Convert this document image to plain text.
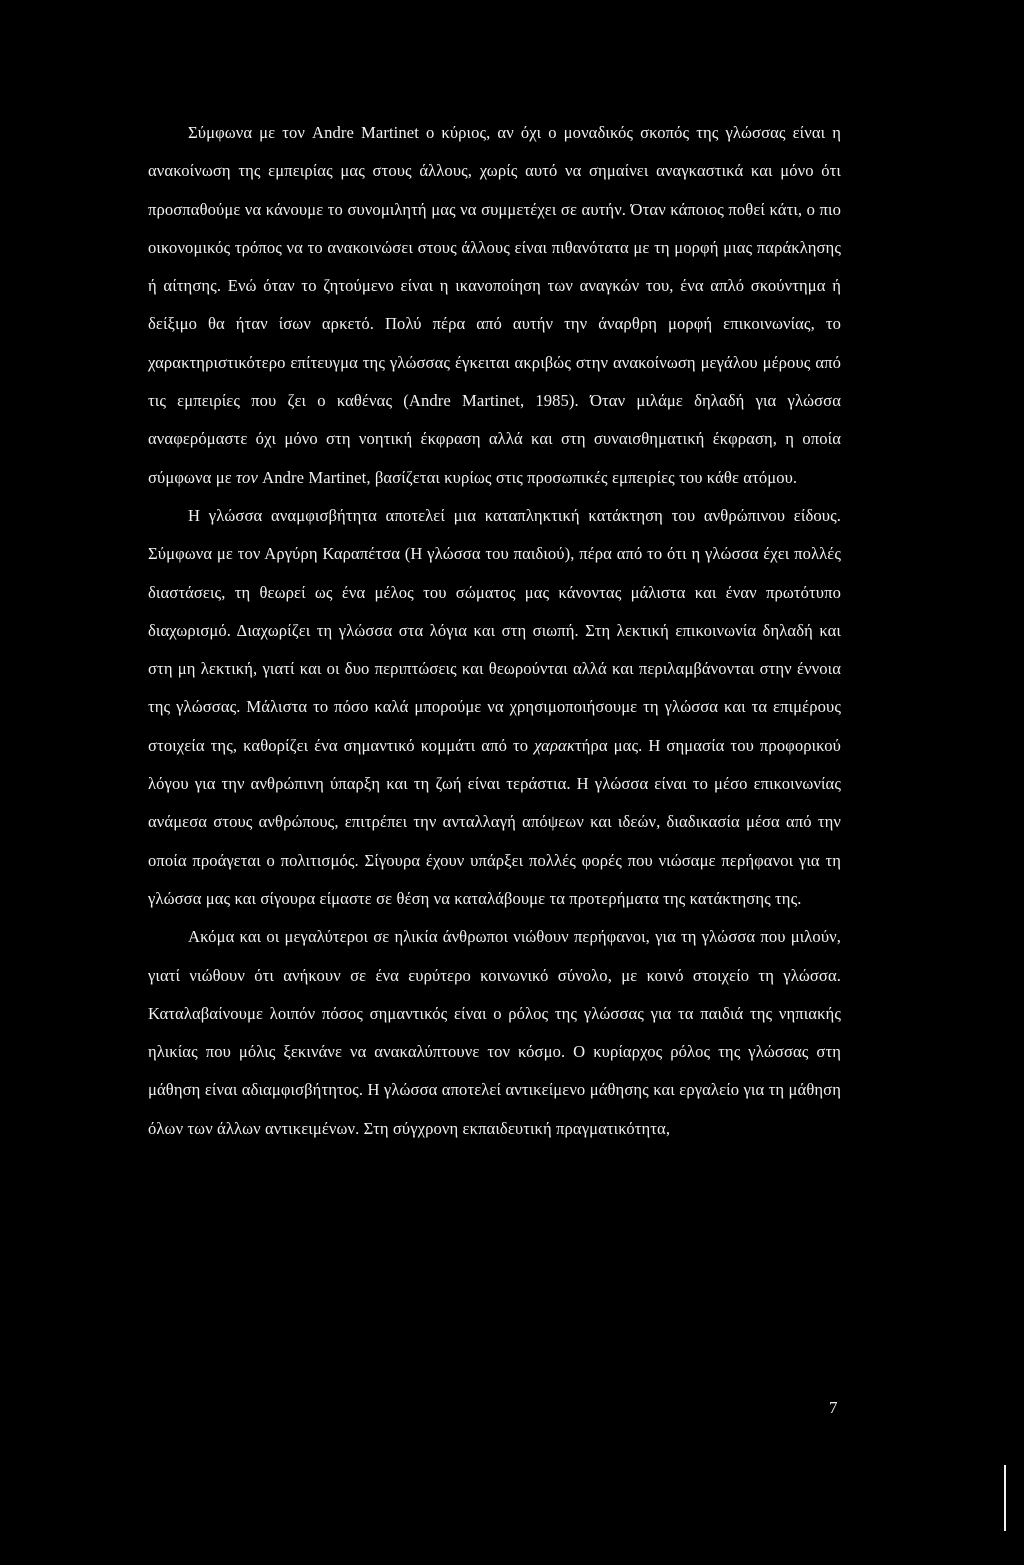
Σύμφωνα με τον Andre Martinet ο κύριος, αν όχι ο μοναδικός σκοπός της γλώσσας είναι η ανακοίνωση της εμπειρίας μας στους άλλους, χωρίς αυτό να σημαίνει αναγκαστικά και μόνο ότι προσπαθούμε να κάνουμε το συνομιλητή μας να συμμετέχει σε αυτήν. Όταν κάποιος ποθεί κάτι, ο πιο οικονομικός τρόπος να το ανακοινώσει στους άλλους είναι πιθανότατα με τη μορφή μιας παράκλησης ή αίτησης. Ενώ όταν το ζητούμενο είναι η ικανοποίηση των αναγκών του, ένα απλό σκούντημα ή δείξιμο θα ήταν ίσων αρκετό. Πολύ πέρα από αυτήν την άναρθρη μορφή επικοινωνίας, το χαρακτηριστικότερο επίτευγμα της γλώσσας έγκειται ακριβώς στην ανακοίνωση μεγάλου μέρους από τις εμπειρίες που ζει ο καθένας (Andre Martinet, 1985). Όταν μιλάμε δηλαδή για γλώσσα αναφερόμαστε όχι μόνο στη νοητική έκφραση αλλά και στη συναισθηματική έκφραση, η οποία σύμφωνα με τον Andre Martinet, βασίζεται κυρίως στις προσωπικές εμπειρίες του κάθε ατόμου.

Η γλώσσα αναμφισβήτητα αποτελεί μια καταπληκτική κατάκτηση του ανθρώπινου είδους. Σύμφωνα με τον Αργύρη Καραπέτσα (Η γλώσσα του παιδιού), πέρα από το ότι η γλώσσα έχει πολλές διαστάσεις, τη θεωρεί ως ένα μέλος του σώματος μας κάνοντας μάλιστα και έναν πρωτότυπο διαχωρισμό. Διαχωρίζει τη γλώσσα στα λόγια και στη σιωπή. Στη λεκτική επικοινωνία δηλαδή και στη μη λεκτική, γιατί και οι δυο περιπτώσεις και θεωρούνται αλλά και περιλαμβάνονται στην έννοια της γλώσσας. Μάλιστα το πόσο καλά μπορούμε να χρησιμοποιήσουμε τη γλώσσα και τα επιμέρους στοιχεία της, καθορίζει ένα σημαντικό κομμάτι από το χαρακτήρα μας. Η σημασία του προφορικού λόγου για την ανθρώπινη ύπαρξη και τη ζωή είναι τεράστια. Η γλώσσα είναι το μέσο επικοινωνίας ανάμεσα στους ανθρώπους, επιτρέπει την ανταλλαγή απόψεων και ιδεών, διαδικασία μέσα από την οποία προάγεται ο πολιτισμός. Σίγουρα έχουν υπάρξει πολλές φορές που νιώσαμε περήφανοι για τη γλώσσα μας και σίγουρα είμαστε σε θέση να καταλάβουμε τα προτερήματα της κατάκτησης της.

Ακόμα και οι μεγαλύτεροι σε ηλικία άνθρωποι νιώθουν περήφανοι, για τη γλώσσα που μιλούν, γιατί νιώθουν ότι ανήκουν σε ένα ευρύτερο κοινωνικό σύνολο, με κοινό στοιχείο τη γλώσσα. Καταλαβαίνουμε λοιπόν πόσος σημαντικός είναι ο ρόλος της γλώσσας για τα παιδιά της νηπιακής ηλικίας που μόλις ξεκινάνε να ανακαλύπτουνε τον κόσμο. Ο κυρίαρχος ρόλος της γλώσσας στη μάθηση είναι αδιαμφισβήτητος. Η γλώσσα αποτελεί αντικείμενο μάθησης και εργαλείο για τη μάθηση όλων των άλλων αντικειμένων. Στη σύγχρονη εκπαιδευτική πραγματικότητα,

7
